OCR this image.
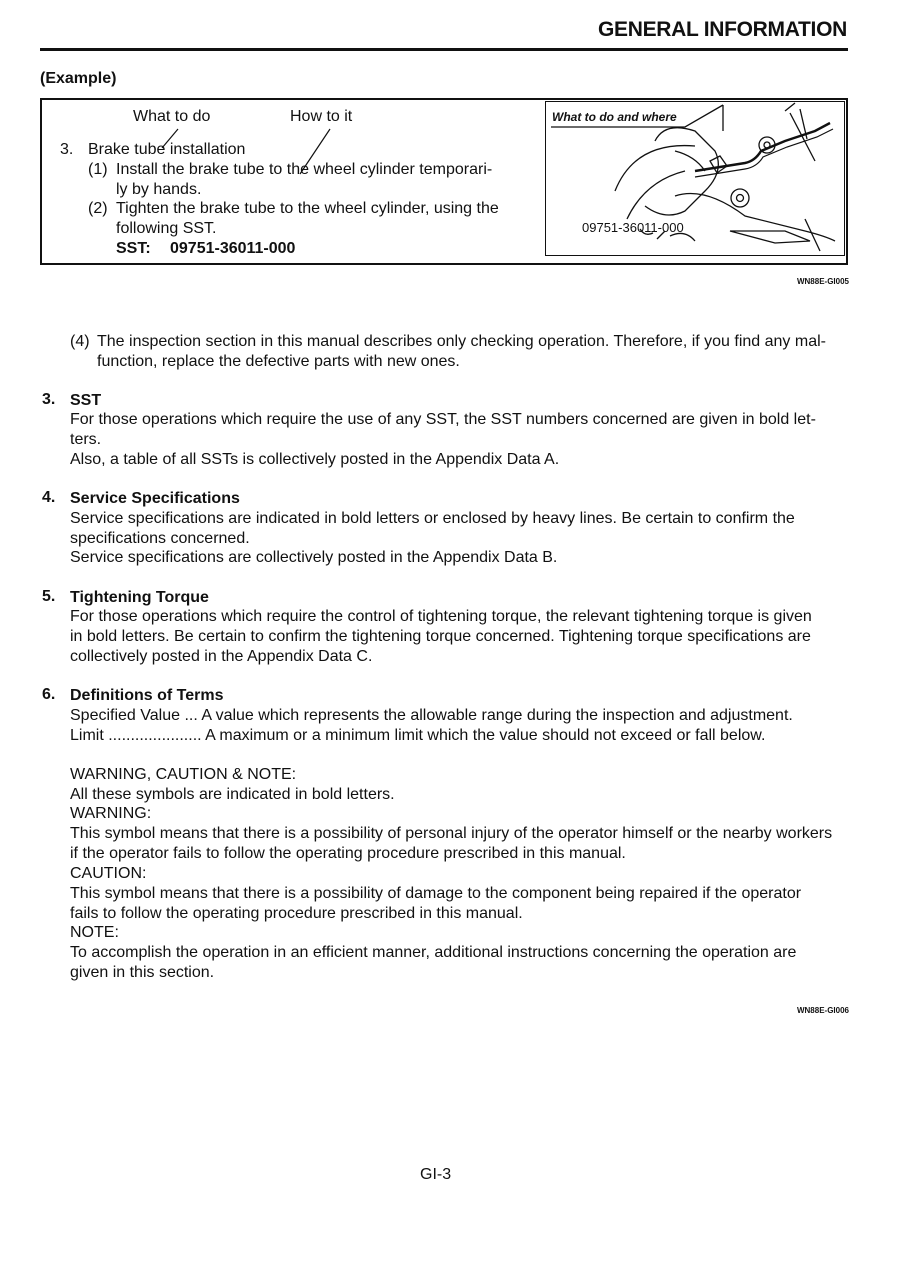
GENERAL INFORMATION
(Example)
What to do	How to it
3. Brake tube installation
(1) Install the brake tube to the wheel cylinder temporari-
ly by hands.
(2) Tighten the brake tube to the wheel cylinder, using the
following SST.
SST: 09751-36011-000
What to do and where
09751-36011-000
WN88E-GI005
(4) The inspection section in this manual describes only checking operation. Therefore, if you find any mal-
function, replace the defective parts with new ones.
3. SST
For those operations which require the use of any SST, the SST numbers concerned are given in bold let-
ters.
Also, a table of all SSTs is collectively posted in the Appendix Data A.
4. Service Specifications
Service specifications are indicated in bold letters or enclosed by heavy lines. Be certain to confirm the
specifications concerned.
Service specifications are collectively posted in the Appendix Data B.
5. Tightening Torque
For those operations which require the control of tightening torque, the relevant tightening torque is given
in bold letters. Be certain to confirm the tightening torque concerned. Tightening torque specifications are
collectively posted in the Appendix Data C.
6. Definitions of Terms
Specified Value ... A value which represents the allowable range during the inspection and adjustment.
Limit ..................... A maximum or a minimum limit which the value should not exceed or fall below.
WARNING, CAUTION & NOTE:
All these symbols are indicated in bold letters.
WARNING:
This symbol means that there is a possibility of personal injury of the operator himself or the nearby workers
if the operator fails to follow the operating procedure prescribed in this manual.
CAUTION:
This symbol means that there is a possibility of damage to the component being repaired if the operator
fails to follow the operating procedure prescribed in this manual.
NOTE:
To accomplish the operation in an efficient manner, additional instructions concerning the operation are
given in this section.
WN88E-GI006
GI-3
